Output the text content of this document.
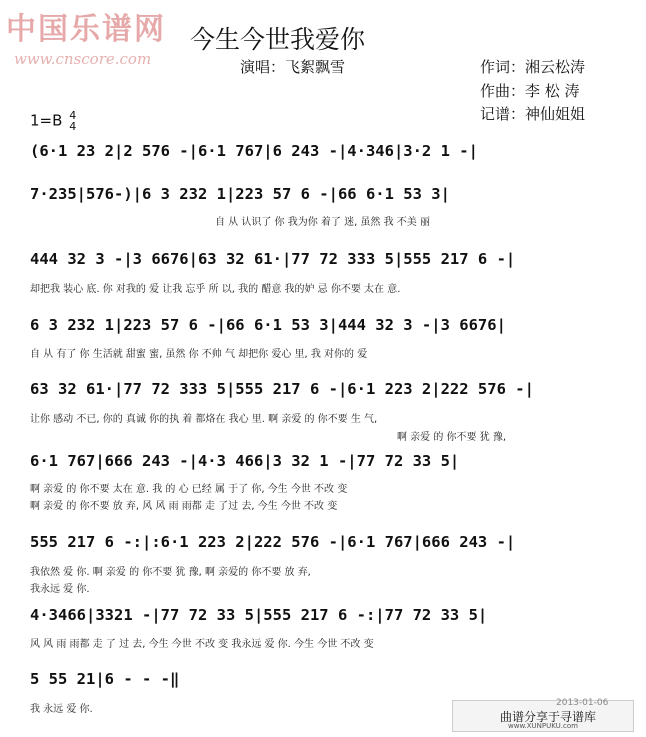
中国乐谱网
www.cnscore.com
今生今世我爱你
演唱：飞絮飘雪	作词：湘云松涛
作曲：李 松 涛
记谱：神仙姐姐
1=B 4
4
(6·1 23 2|2 576 -|6·1 767|6 243 -|4·346|3·2 1 -|
7·235|576-)|6 3 232 1|223 57 6 -|66 6·1 53 3|
自 从 认识了 你 我为你 着了 迷, 虽然 我 不美 丽
444 32 3 -|3 6676|63 32 61·|77 72 333 5|555 217 6 -|
却把我 装心 底. 你 对我的 爱 让我 忘乎 所 以, 我的 醋意 我的妒 忌 你不要 太在 意.
6 3 232 1|223 57 6 -|66 6·1 53 3|444 32 3 -|3 6676|
自 从 有了 你 生活就 甜蜜 蜜, 虽然 你 不帅 气 却把你 爱心 里, 我 对你的 爱
63 32 61·|77 72 333 5|555 217 6 -|6·1 223 2|222 576 -|
让你 感动 不已, 你的 真诚 你的执 着 都烙在 我心 里. 啊 亲爱 的 你不要 生 气,
啊 亲爱 的 你不要 犹 豫,
6·1 767|666 243 -|4·3 466|3 32 1 -|77 72 33 5|
啊 亲爱 的 你不要 太在 意. 我 的 心 已经 属 于了 你, 今生 今世 不改 变
啊 亲爱 的 你不要 放 弃, 风 风 雨 雨都 走 了过 去, 今生 今世 不改 变
555 217 6 -:|:6·1 223 2|222 576 -|6·1 767|666 243 -|
我依然 爱 你. 啊 亲爱 的 你不要 犹 豫, 啊 亲爱的 你不要 放 弃,
我永远 爱 你.
4·3466|3321 -|77 72 33 5|555 217 6 -:|77 72 33 5|
风 风 雨 雨都 走 了 过 去, 今生 今世 不改 变 我永远 爱 你. 今生 今世 不改 变
5 55 21|6 - - -‖
我 永远 爱 你.
2013-01-06
曲谱分享于寻谱库
www.XUNPUKU.com
